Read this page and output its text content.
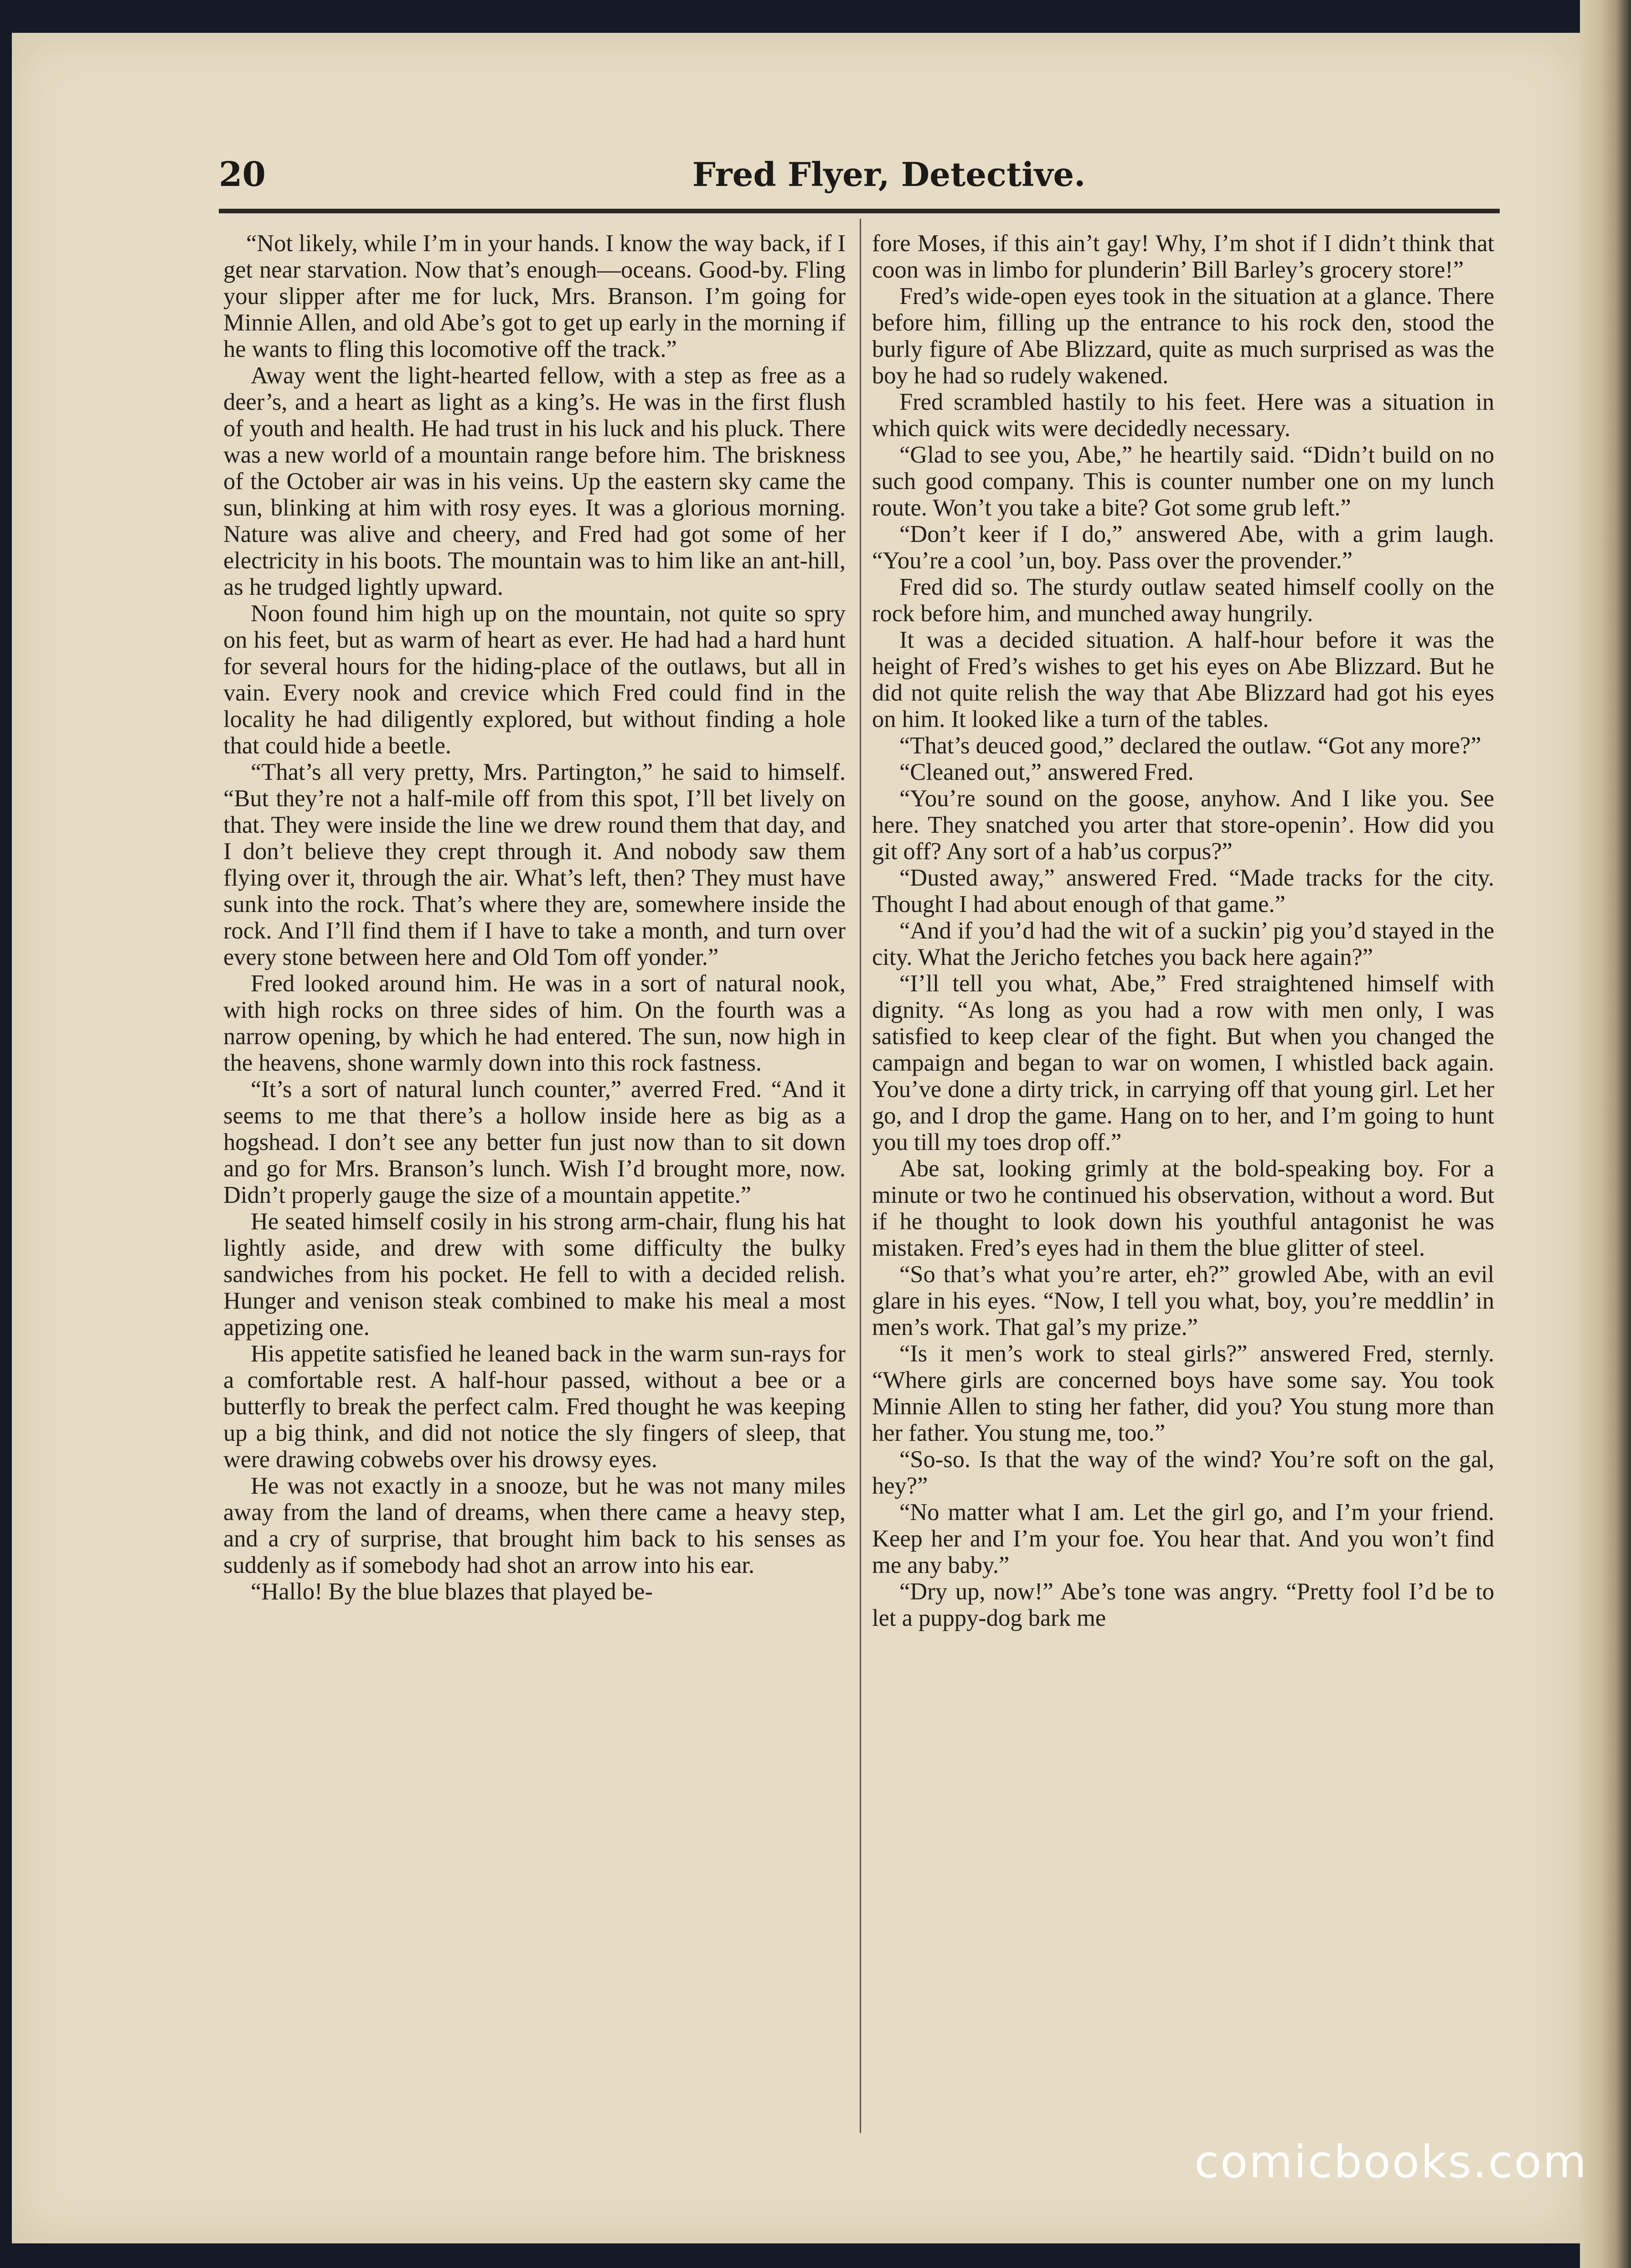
20	Fred Flyer, Detective.

“Not likely, while I’m in your hands. I know the way back, if I get near starvation. Now that’s enough—oceans. Good-by. Fling your slipper after me for luck, Mrs. Branson. I’m going for Minnie Allen, and old Abe’s got to get up early in the morning if he wants to fling this locomotive off the track.”

Away went the light-hearted fellow, with a step as free as a deer’s, and a heart as light as a king’s. He was in the first flush of youth and health. He had trust in his luck and his pluck. There was a new world of a mountain range before him. The briskness of the October air was in his veins. Up the eastern sky came the sun, blinking at him with rosy eyes. It was a glorious morning. Nature was alive and cheery, and Fred had got some of her electricity in his boots. The mountain was to him like an ant-hill, as he trudged lightly upward.

Noon found him high up on the mountain, not quite so spry on his feet, but as warm of heart as ever. He had had a hard hunt for several hours for the hiding-place of the outlaws, but all in vain. Every nook and crevice which Fred could find in the locality he had diligently explored, but without finding a hole that could hide a beetle.

“That’s all very pretty, Mrs. Partington,” he said to himself. “But they’re not a half-mile off from this spot, I’ll bet lively on that. They were inside the line we drew round them that day, and I don’t believe they crept through it. And nobody saw them flying over it, through the air. What’s left, then? They must have sunk into the rock. That’s where they are, somewhere inside the rock. And I’ll find them if I have to take a month, and turn over every stone between here and Old Tom off yonder.”

Fred looked around him. He was in a sort of natural nook, with high rocks on three sides of him. On the fourth was a narrow opening, by which he had entered. The sun, now high in the heavens, shone warmly down into this rock fastness.

“It’s a sort of natural lunch counter,” averred Fred. “And it seems to me that there’s a hollow inside here as big as a hogshead. I don’t see any better fun just now than to sit down and go for Mrs. Branson’s lunch. Wish I’d brought more, now. Didn’t properly gauge the size of a mountain appetite.”

He seated himself cosily in his strong arm-chair, flung his hat lightly aside, and drew with some difficulty the bulky sandwiches from his pocket. He fell to with a decided relish. Hunger and venison steak combined to make his meal a most appetizing one.

His appetite satisfied he leaned back in the warm sun-rays for a comfortable rest. A half-hour passed, without a bee or a butterfly to break the perfect calm. Fred thought he was keeping up a big think, and did not notice the sly fingers of sleep, that were drawing cobwebs over his drowsy eyes.

He was not exactly in a snooze, but he was not many miles away from the land of dreams, when there came a heavy step, and a cry of surprise, that brought him back to his senses as suddenly as if somebody had shot an arrow into his ear.

“Hallo! By the blue blazes that played be-

fore Moses, if this ain’t gay! Why, I’m shot if I didn’t think that coon was in limbo for plunderin’ Bill Barley’s grocery store!”

Fred’s wide-open eyes took in the situation at a glance. There before him, filling up the entrance to his rock den, stood the burly figure of Abe Blizzard, quite as much surprised as was the boy he had so rudely wakened.

Fred scrambled hastily to his feet. Here was a situation in which quick wits were decidedly necessary.

“Glad to see you, Abe,” he heartily said. “Didn’t build on no such good company. This is counter number one on my lunch route. Won’t you take a bite? Got some grub left.”

“Don’t keer if I do,” answered Abe, with a grim laugh. “You’re a cool ’un, boy. Pass over the provender.”

Fred did so. The sturdy outlaw seated himself coolly on the rock before him, and munched away hungrily.

It was a decided situation. A half-hour before it was the height of Fred’s wishes to get his eyes on Abe Blizzard. But he did not quite relish the way that Abe Blizzard had got his eyes on him. It looked like a turn of the tables.

“That’s deuced good,” declared the outlaw. “Got any more?”

“Cleaned out,” answered Fred.

“You’re sound on the goose, anyhow. And I like you. See here. They snatched you arter that store-openin’. How did you git off? Any sort of a hab’us corpus?”

“Dusted away,” answered Fred. “Made tracks for the city. Thought I had about enough of that game.”

“And if you’d had the wit of a suckin’ pig you’d stayed in the city. What the Jericho fetches you back here again?”

“I’ll tell you what, Abe,” Fred straightened himself with dignity. “As long as you had a row with men only, I was satisfied to keep clear of the fight. But when you changed the campaign and began to war on women, I whistled back again. You’ve done a dirty trick, in carrying off that young girl. Let her go, and I drop the game. Hang on to her, and I’m going to hunt you till my toes drop off.”

Abe sat, looking grimly at the bold-speaking boy. For a minute or two he continued his observation, without a word. But if he thought to look down his youthful antagonist he was mistaken. Fred’s eyes had in them the blue glitter of steel.

“So that’s what you’re arter, eh?” growled Abe, with an evil glare in his eyes. “Now, I tell you what, boy, you’re meddlin’ in men’s work. That gal’s my prize.”

“Is it men’s work to steal girls?” answered Fred, sternly. “Where girls are concerned boys have some say. You took Minnie Allen to sting her father, did you? You stung more than her father. You stung me, too.”

“So-so. Is that the way of the wind? You’re soft on the gal, hey?”

“No matter what I am. Let the girl go, and I’m your friend. Keep her and I’m your foe. You hear that. And you won’t find me any baby.”

“Dry up, now!” Abe’s tone was angry. “Pretty fool I’d be to let a puppy-dog bark me

comicbooks.com
